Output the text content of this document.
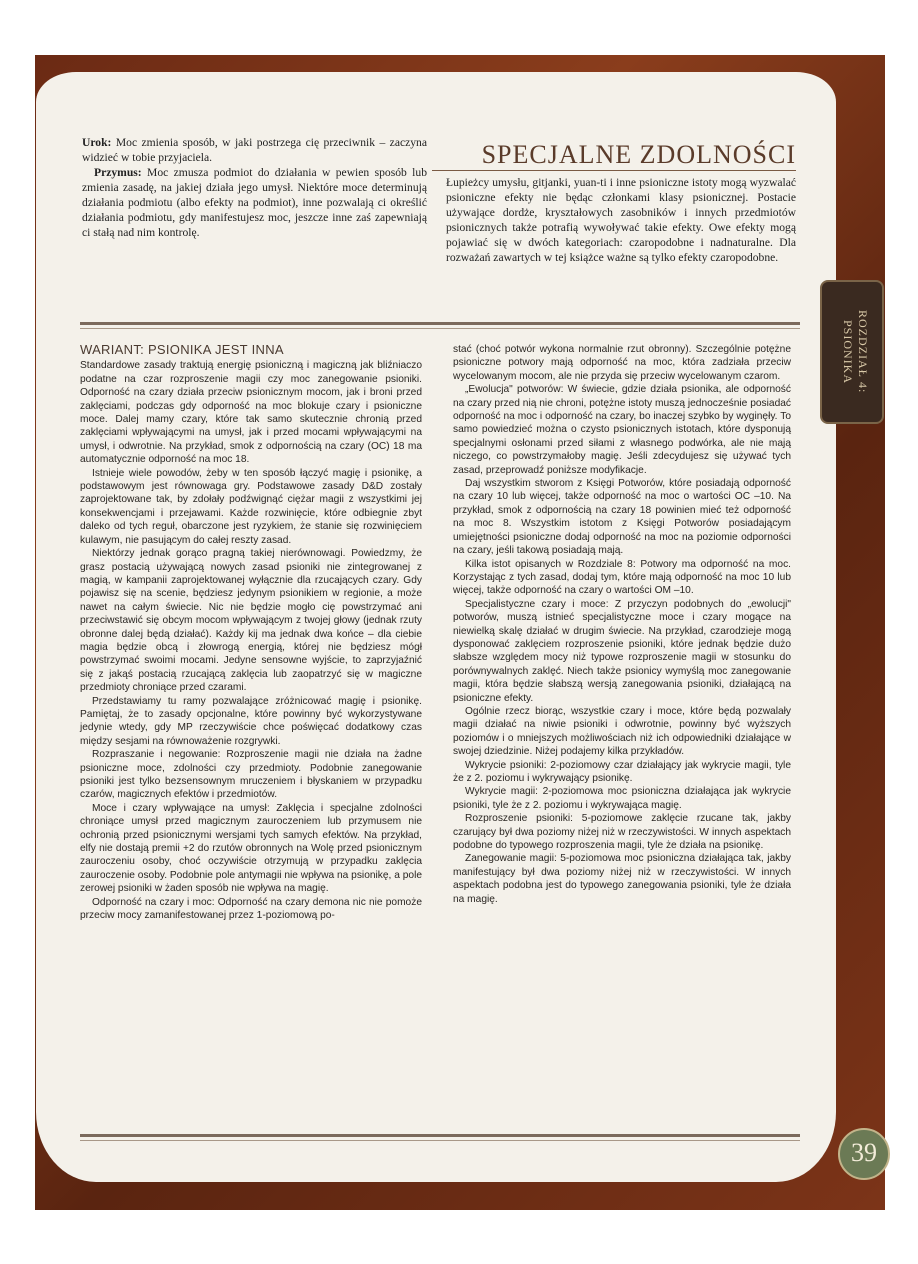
Urok: Moc zmienia sposób, w jaki postrzega cię przeciwnik – zaczyna widzieć w tobie przyjaciela.

Przymus: Moc zmusza podmiot do działania w pewien sposób lub zmienia zasadę, na jakiej działa jego umysł. Niektóre moce determinują działania podmiotu (albo efekty na podmiot), inne pozwalają ci określić działania podmiotu, gdy manifestujesz moc, jeszcze inne zaś zapewniają ci stałą nad nim kontrolę.

SPECJALNE ZDOLNOŚCI

Łupieżcy umysłu, gitjanki, yuan-ti i inne psioniczne istoty mogą wyzwalać psioniczne efekty nie będąc członkami klasy psionicznej. Postacie używające dordże, kryształowych zasobników i innych przedmiotów psionicznych także potrafią wywoływać takie efekty. Owe efekty mogą pojawiać się w dwóch kategoriach: czaropodobne i nadnaturalne. Dla rozważań zawartych w tej książce ważne są tylko efekty czaropodobne.

WARIANT: PSIONIKA JEST INNA

Standardowe zasady traktują energię psioniczną i magiczną jak bliźniaczo podatne na czar rozproszenie magii czy moc zanegowanie psioniki. Odporność na czary działa przeciw psionicznym mocom, jak i broni przed zaklęciami, podczas gdy odporność na moc blokuje czary i psioniczne moce. Dalej mamy czary, które tak samo skutecznie chronią przed zaklęciami wpływającymi na umysł, jak i przed mocami wpływającymi na umysł, i odwrotnie. Na przykład, smok z odpornością na czary (OC) 18 ma automatycznie odporność na moc 18.

Istnieje wiele powodów, żeby w ten sposób łączyć magię i psionikę, a podstawowym jest równowaga gry. Podstawowe zasady D&D zostały zaprojektowane tak, by zdołały podźwignąć ciężar magii z wszystkimi jej konsekwencjami i przejawami. Każde rozwinięcie, które odbiegnie zbyt daleko od tych reguł, obarczone jest ryzykiem, że stanie się rozwinięciem kulawym, nie pasującym do całej reszty zasad.

Niektórzy jednak gorąco pragną takiej nierównowagi. Powiedzmy, że grasz postacią używającą nowych zasad psioniki nie zintegrowanej z magią, w kampanii zaprojektowanej wyłącznie dla rzucających czary. Gdy pojawisz się na scenie, będziesz jedynym psionikiem w regionie, a może nawet na całym świecie. Nic nie będzie mogło cię powstrzymać ani przeciwstawić się obcym mocom wpływającym z twojej głowy (jednak rzuty obronne dalej będą działać). Każdy kij ma jednak dwa końce – dla ciebie magia będzie obcą i złowrogą energią, której nie będziesz mógł powstrzymać swoimi mocami. Jedyne sensowne wyjście, to zaprzyjaźnić się z jakąś postacią rzucającą zaklęcia lub zaopatrzyć się w magiczne przedmioty chroniące przed czarami.

Przedstawiamy tu ramy pozwalające zróżnicować magię i psionikę. Pamiętaj, że to zasady opcjonalne, które powinny być wykorzystywane jedynie wtedy, gdy MP rzeczywiście chce poświęcać dodatkowy czas między sesjami na równoważenie rozgrywki.

Rozpraszanie i negowanie: Rozproszenie magii nie działa na żadne psioniczne moce, zdolności czy przedmioty. Podobnie zanegowanie psioniki jest tylko bezsensownym mruczeniem i błyskaniem w przypadku czarów, magicznych efektów i przedmiotów.

Moce i czary wpływające na umysł: Zaklęcia i specjalne zdolności chroniące umysł przed magicznym zauroczeniem lub przymusem nie ochronią przed psionicznymi wersjami tych samych efektów. Na przykład, elfy nie dostają premii +2 do rzutów obronnych na Wolę przed psionicznym zauroczeniu osoby, choć oczywiście otrzymują w przypadku zaklęcia zauroczenie osoby. Podobnie pole antymagii nie wpływa na psionikę, a pole zerowej psioniki w żaden sposób nie wpływa na magię.

Odporność na czary i moc: Odporność na czary demona nic nie pomoże przeciw mocy zamanifestowanej przez 1-poziomową po-

stać (choć potwór wykona normalnie rzut obronny). Szczególnie potężne psioniczne potwory mają odporność na moc, która zadziała przeciw wycelowanym mocom, ale nie przyda się przeciw wycelowanym czarom.

„Ewolucja" potworów: W świecie, gdzie działa psionika, ale odporność na czary przed nią nie chroni, potężne istoty muszą jednocześnie posiadać odporność na moc i odporność na czary, bo inaczej szybko by wyginęły. To samo powiedzieć można o czysto psionicznych istotach, które dysponują specjalnymi osłonami przed siłami z własnego podwórka, ale nie mają niczego, co powstrzymałoby magię. Jeśli zdecydujesz się używać tych zasad, przeprowadź poniższe modyfikacje.

Daj wszystkim stworom z Księgi Potworów, które posiadają odporność na czary 10 lub więcej, także odporność na moc o wartości OC –10. Na przykład, smok z odpornością na czary 18 powinien mieć też odporność na moc 8. Wszystkim istotom z Księgi Potworów posiadającym umiejętności psioniczne dodaj odporność na moc na poziomie odporności na czary, jeśli takową posiadają mają.

Kilka istot opisanych w Rozdziale 8: Potwory ma odporność na moc. Korzystając z tych zasad, dodaj tym, które mają odporność na moc 10 lub więcej, także odporność na czary o wartości OM –10.

Specjalistyczne czary i moce: Z przyczyn podobnych do „ewolucji" potworów, muszą istnieć specjalistyczne moce i czary mogące na niewielką skalę działać w drugim świecie. Na przykład, czarodzieje mogą dysponować zaklęciem rozproszenie psioniki, które jednak będzie dużo słabsze względem mocy niż typowe rozproszenie magii w stosunku do porównywalnych zaklęć. Niech także psionicy wymyślą moc zanegowanie magii, która będzie słabszą wersją zanegowania psioniki, działającą na psioniczne efekty.

Ogólnie rzecz biorąc, wszystkie czary i moce, które będą pozwalały magii działać na niwie psioniki i odwrotnie, powinny być wyższych poziomów i o mniejszych możliwościach niż ich odpowiedniki działające w swojej dziedzinie. Niżej podajemy kilka przykładów.

Wykrycie psioniki: 2-poziomowy czar działający jak wykrycie magii, tyle że z 2. poziomu i wykrywający psionikę.

Wykrycie magii: 2-poziomowa moc psioniczna działająca jak wykrycie psioniki, tyle że z 2. poziomu i wykrywająca magię.

Rozproszenie psioniki: 5-poziomowe zaklęcie rzucane tak, jakby czarujący był dwa poziomy niżej niż w rzeczywistości. W innych aspektach podobne do typowego rozproszenia magii, tyle że działa na psionikę.

Zanegowanie magii: 5-poziomowa moc psioniczna działająca tak, jakby manifestujący był dwa poziomy niżej niż w rzeczywistości. W innych aspektach podobna jest do typowego zanegowania psioniki, tyle że działa na magię.

ROZDZIAŁ 4: PSIONIKA
39
